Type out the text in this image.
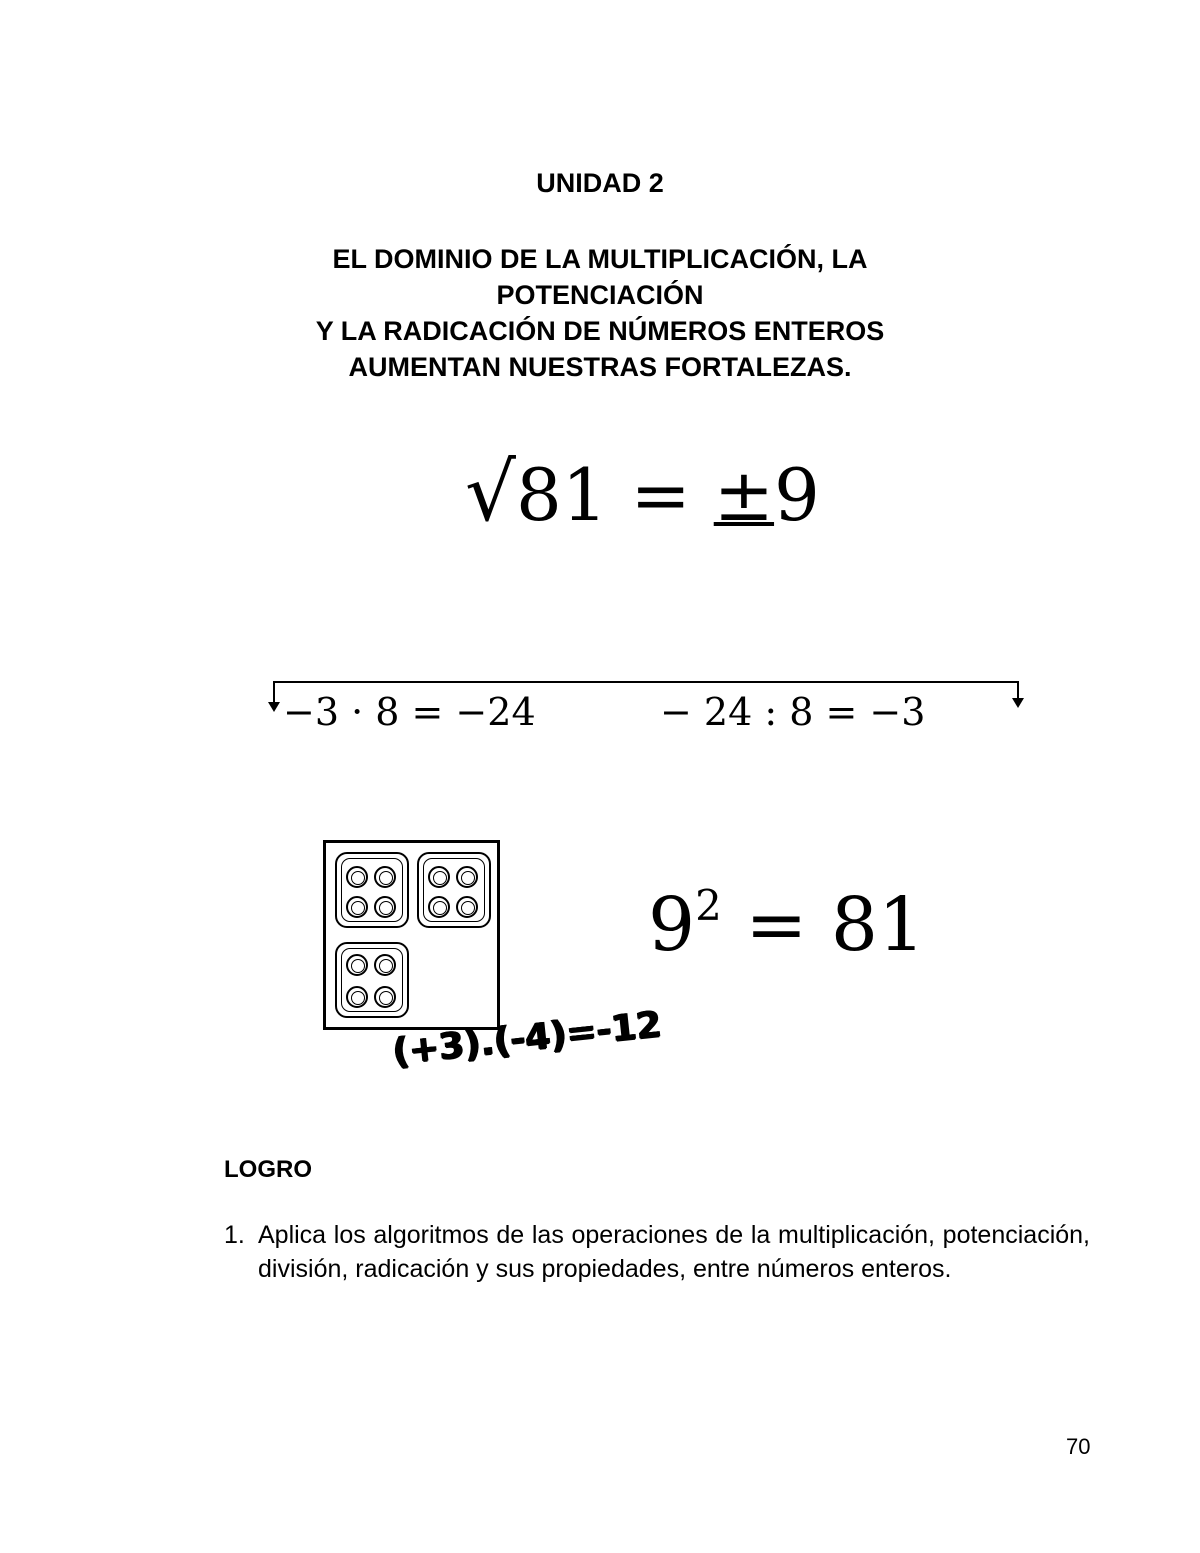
UNIDAD 2
EL DOMINIO DE LA MULTIPLICACIÓN, LA
POTENCIACIÓN
Y LA RADICACIÓN DE NÚMEROS ENTEROS
AUMENTAN NUESTRAS FORTALEZAS.
√81 = ±9
−3 · 8 = −24	− 24 : 8 = −3
$9^2 = 81$
(+3).(-4)=-12
LOGRO
1. Aplica los algoritmos de las operaciones de la multiplicación, potenciación, división, radicación y sus propiedades, entre números enteros.
70
